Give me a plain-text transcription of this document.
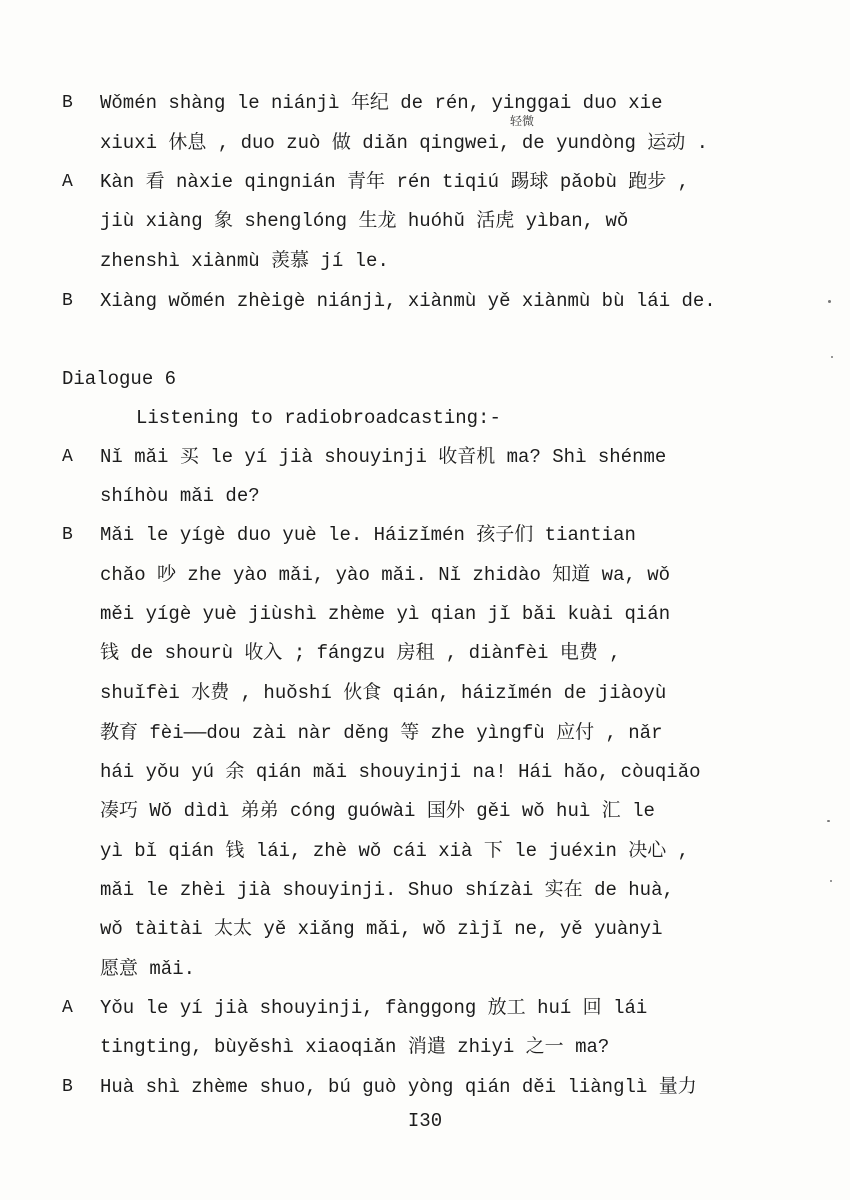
B	Wǒmén shàng le niánjì 年纪 de rén, yinggai duo xie
xiuxi 休息 , duo zuò 做 diǎn qingwei, de yundòng 运动 .
A	Kàn 看 nàxie qingnián 青年 rén tiqiú 踢球 pǎobù 跑步 ,
jiù xiàng 象 shenglóng 生龙 huóhǔ 活虎 yìban, wǒ
zhenshì xiànmù 羡慕 jí le.
B	Xiàng wǒmén zhèigè niánjì, xiànmù yě xiànmù bù lái de.
Dialogue 6
Listening to radiobroadcasting:-
A	Nǐ mǎi 买 le yí jià shouyinji 收音机 ma? Shì shénme
shíhòu mǎi de?
B	Mǎi le yígè duo yuè le. Háizǐmén 孩子们 tiantian
chǎo 吵 zhe yào mǎi, yào mǎi. Nǐ zhidào 知道 wa, wǒ
měi yígè yuè jiùshì zhème yì qian jǐ bǎi kuài qián
钱 de shourù 收入 ; fángzu 房租 , diànfèi 电费 ,
shuǐfèi 水费 , huǒshí 伙食 qián, háizǐmén de jiàoyù
教育 fèi——dou zài nàr děng 等 zhe yìngfù 应付 , nǎr
hái yǒu yú 余 qián mǎi shouyinji na! Hái hǎo, còuqiǎo
凑巧 Wǒ dìdì 弟弟 cóng guówài 国外 gěi wǒ huì 汇 le
yì bǐ qián 钱 lái, zhè wǒ cái xià 下 le juéxin 决心 ,
mǎi le zhèi jià shouyinji. Shuo shízài 实在 de huà,
wǒ tàitài 太太 yě xiǎng mǎi, wǒ zìjǐ ne, yě yuànyì
愿意 mǎi.
A	Yǒu le yí jià shouyinji, fànggong 放工 huí 回 lái
tingting, bùyěshì xiaoqiǎn 消遣 zhiyi 之一 ma?
B	Huà shì zhème shuo, bú guò yòng qián děi liànglì 量力
轻微
I30
